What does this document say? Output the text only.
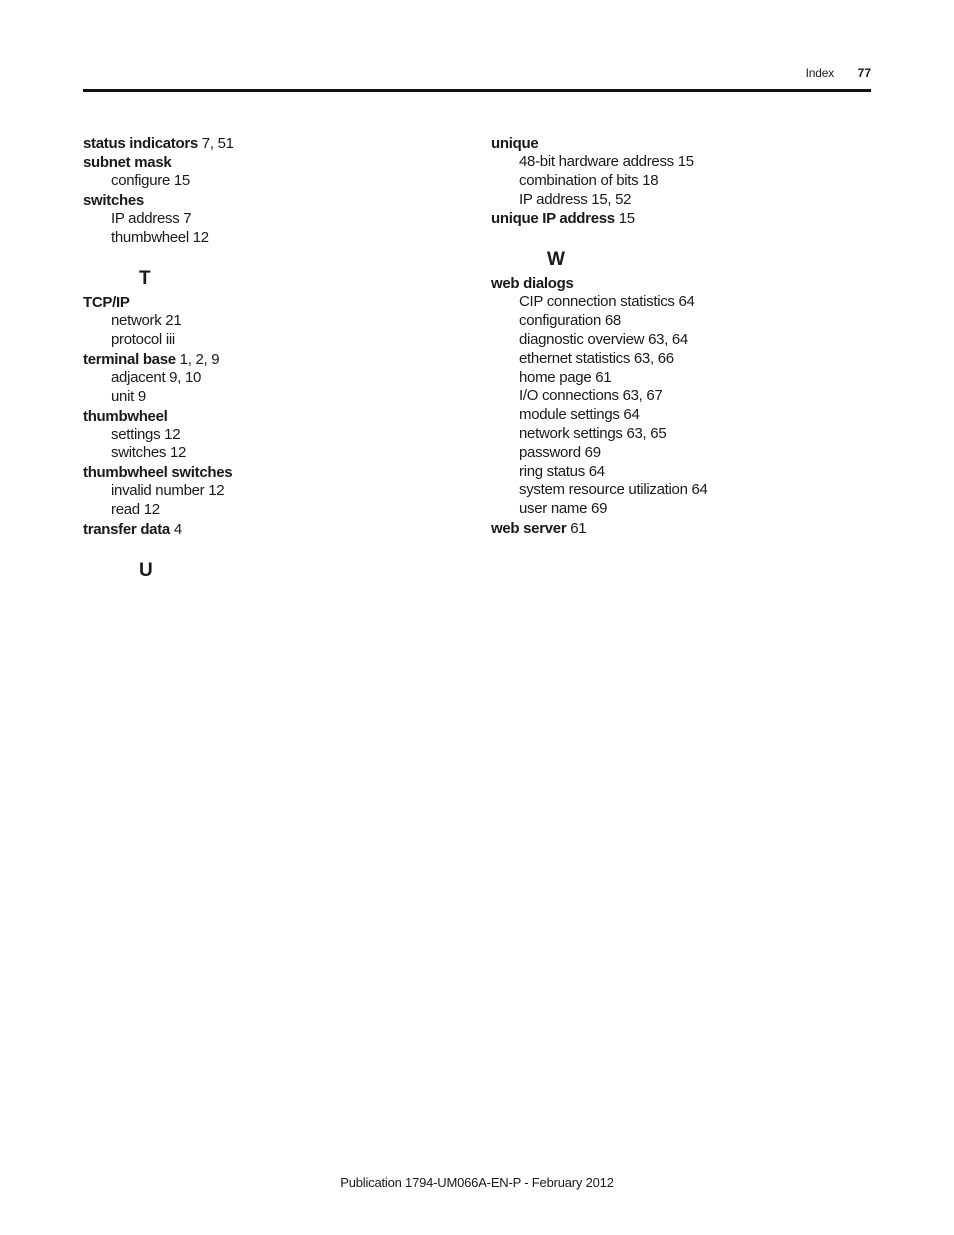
Index 77
status indicators 7, 51
subnet mask
configure 15
switches
IP address 7
thumbwheel 12
T
TCP/IP
network 21
protocol iii
terminal base 1, 2, 9
adjacent 9, 10
unit 9
thumbwheel
settings 12
switches 12
thumbwheel switches
invalid number 12
read 12
transfer data 4
U
unique
48-bit hardware address 15
combination of bits 18
IP address 15, 52
unique IP address 15
W
web dialogs
CIP connection statistics 64
configuration 68
diagnostic overview 63, 64
ethernet statistics 63, 66
home page 61
I/O connections 63, 67
module settings 64
network settings 63, 65
password 69
ring status 64
system resource utilization 64
user name 69
web server 61
Publication 1794-UM066A-EN-P - February 2012
